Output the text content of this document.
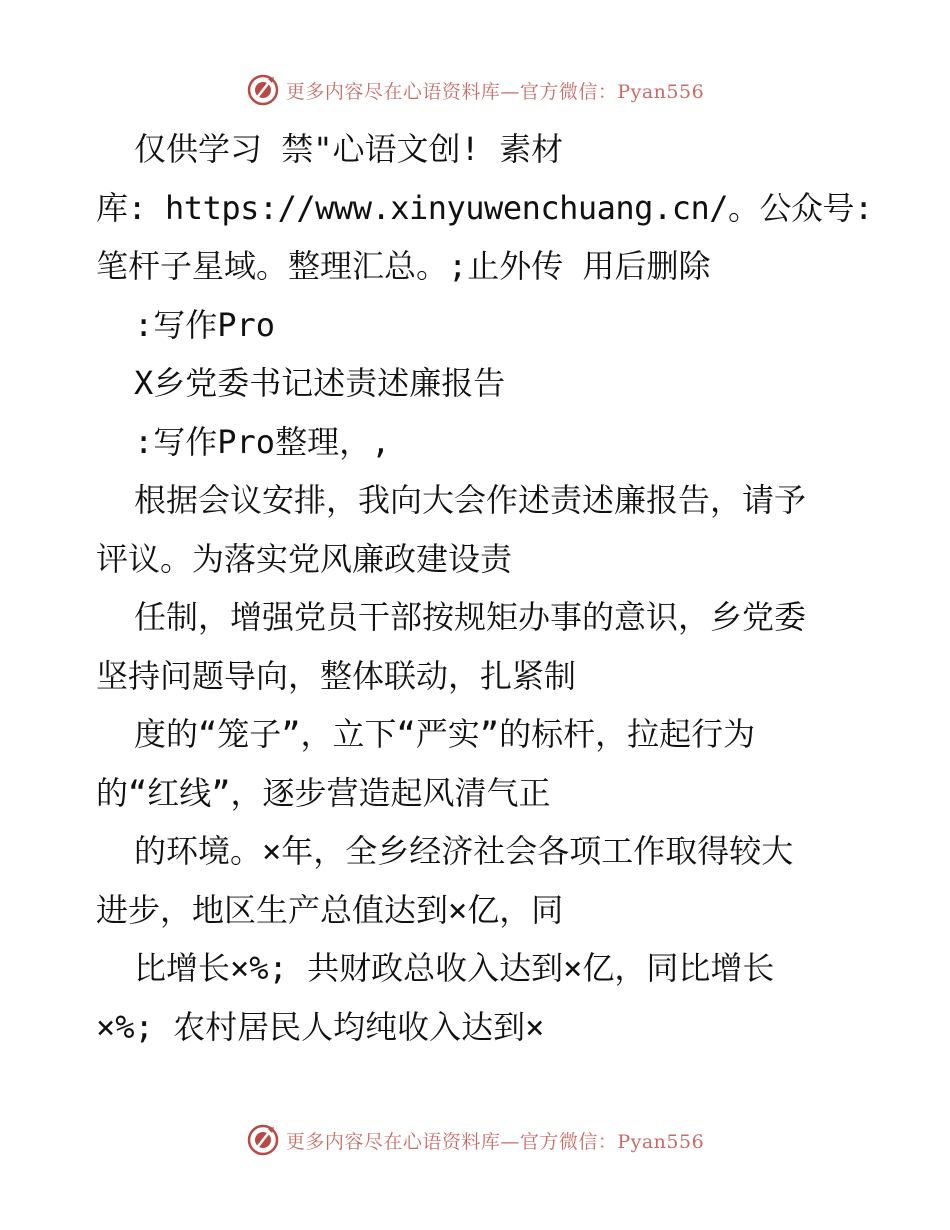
更多内容尽在心语资料库—官方微信：Pyan556
仅供学习 禁"心语文创! 素材
库: https://www.xinyuwenchuang.cn/。公众号:
笔杆子星域。整理汇总。;止外传 用后删除
:写作Pro
X乡党委书记述责述廉报告
:写作Pro整理，,
根据会议安排，我向大会作述责述廉报告，请予
评议。为落实党风廉政建设责
任制，增强党员干部按规矩办事的意识，乡党委
坚持问题导向，整体联动，扎紧制
度的“笼子”，立下“严实”的标杆，拉起行为
的“红线”，逐步营造起风清气正
的环境。×年，全乡经济社会各项工作取得较大
进步，地区生产总值达到×亿，同
比增长×%; 共财政总收入达到×亿，同比增长
×%; 农村居民人均纯收入达到×
更多内容尽在心语资料库—官方微信：Pyan556
